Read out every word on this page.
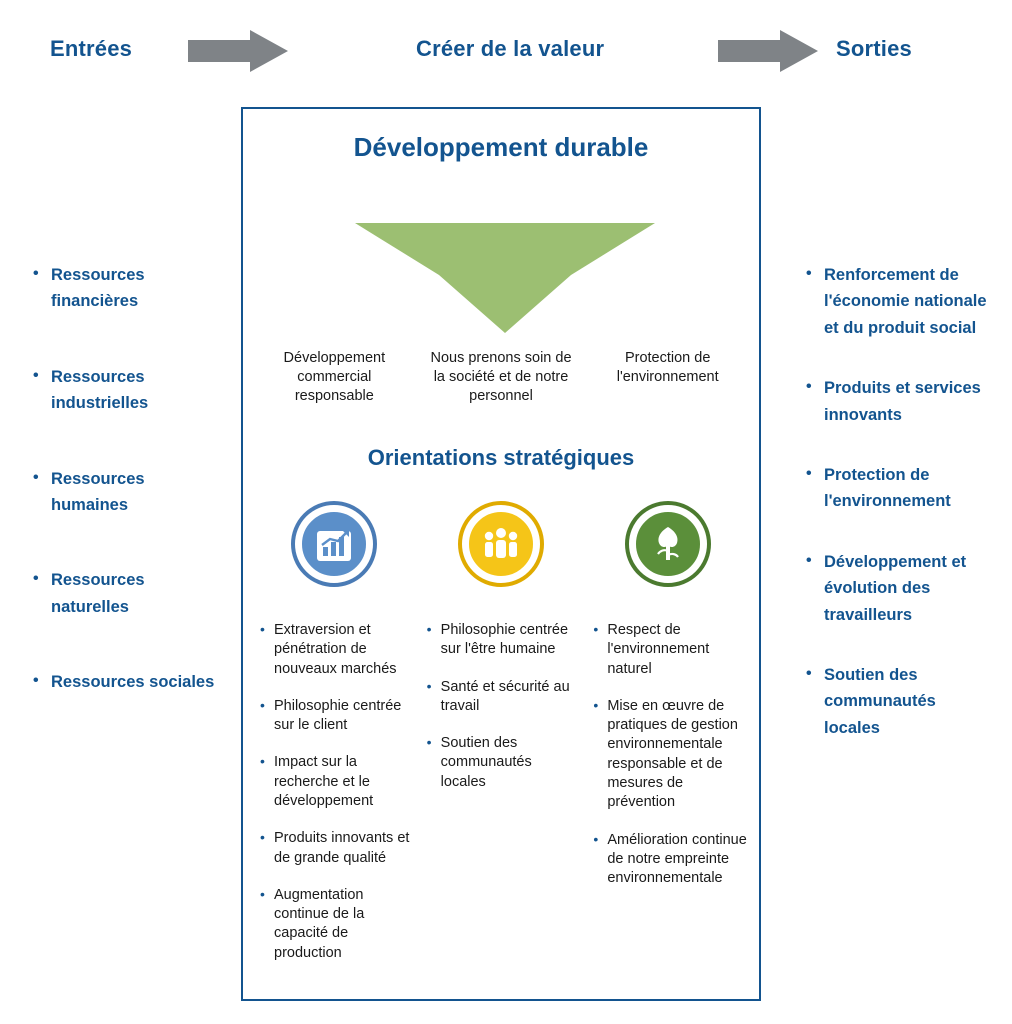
Entrées	Créer de la valeur	Sorties
• Ressources financières
• Ressources industrielles
• Ressources humaines
• Ressources naturelles
• Ressources sociales
Développement durable
Développement commercial responsable
Nous prenons soin de la société et de notre personnel
Protection de l'environnement
Orientations stratégiques
• Extraversion et pénétration de nouveaux marchés
• Philosophie centrée sur le client
• Impact sur la recherche et le développement
• Produits innovants et de grande qualité
• Augmentation continue de la capacité de production
• Philosophie centrée sur l'être humaine
• Santé et sécurité au travail
• Soutien des communautés locales
• Respect de l'environnement naturel
• Mise en œuvre de pratiques de gestion environnementale responsable et de mesures de prévention
• Amélioration continue de notre empreinte environnementale
• Renforcement de l'économie nationale et du produit social
• Produits et services innovants
• Protection de l'environnement
• Développement et évolution des travailleurs
• Soutien des communautés locales
